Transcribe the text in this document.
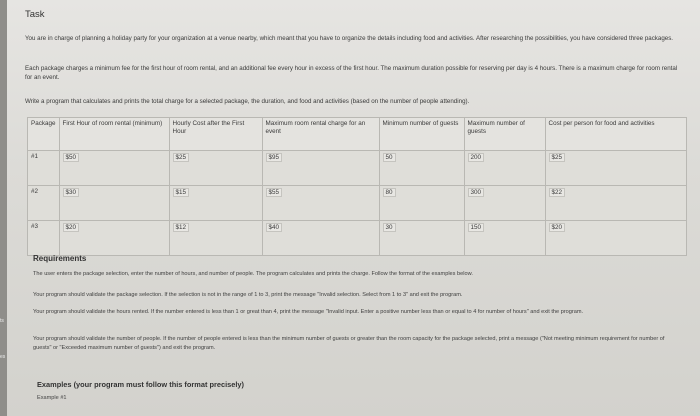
ts
es
Task
You are in charge of planning a holiday party for your organization at a venue nearby, which meant that you have to organize the details including food and activities. After researching the possibilities, you have considered three packages.
Each package charges a minimum fee for the first hour of room rental, and an additional fee every hour in excess of the first hour. The maximum duration possible for reserving per day is 4 hours. There is a maximum charge for room rental for an event.
Write a program that calculates and prints the total charge for a selected package, the duration, and food and activities (based on the number of people attending).
Package	First Hour of room rental (minimum)	Hourly Cost after the First Hour	Maximum room rental charge for an event	Minimum number of guests	Maximum number of guests	Cost per person for food and activities
#1	$50	$25	$95	50	200	$25
#2	$30	$15	$55	80	300	$22
#3	$20	$12	$40	30	150	$20
Requirements
The user enters the package selection, enter the number of hours, and number of people. The program calculates and prints the charge. Follow the format of the examples below.
Your program should validate the package selection. If the selection is not in the range of 1 to 3, print the message "Invalid selection. Select from 1 to 3" and exit the program.
Your program should validate the hours rented. If the number entered is less than 1 or great than 4, print the message "Invalid input. Enter a positive number less than or equal to 4 for number of hours" and exit the program.
Your program should validate the number of people. If the number of people entered is less than the minimum number of guests or greater than the room capacity for the package selected, print a message ("Not meeting minimum requirement for number of guests" or "Exceeded maximum number of guests") and exit the program.
Examples (your program must follow this format precisely)
Example #1
